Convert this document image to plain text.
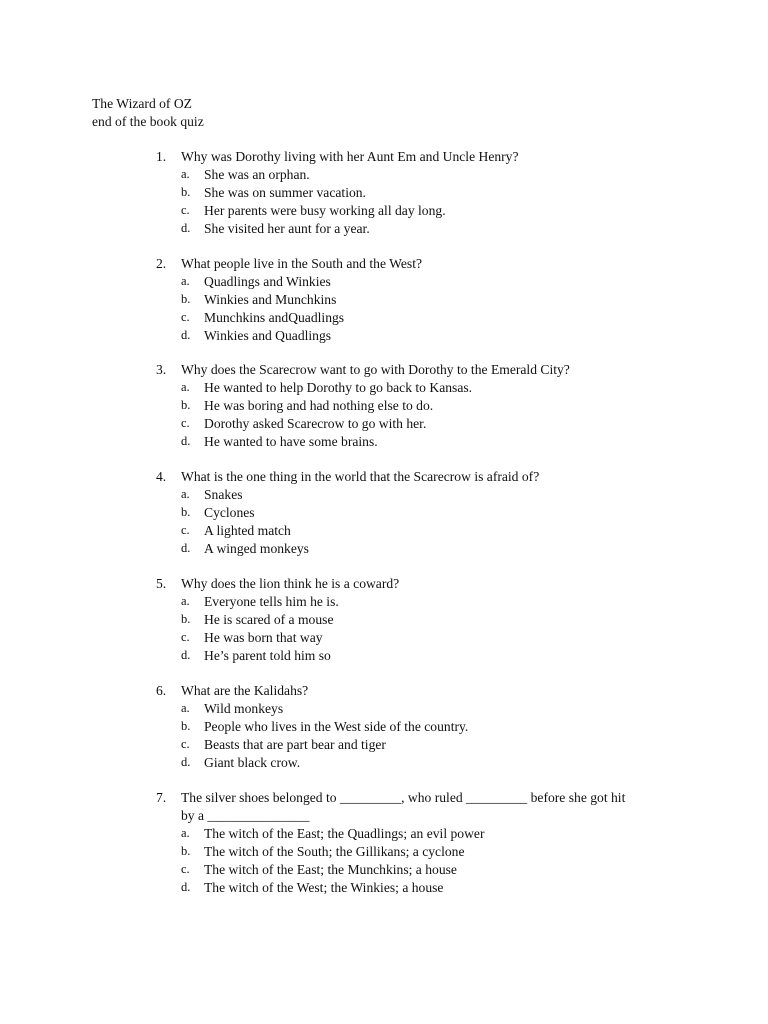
The Wizard of OZ
end of the book quiz
1.	Why was Dorothy living with her Aunt Em and Uncle Henry?
a.	She was an orphan.
b.	She was on summer vacation.
c.	Her parents were busy working all day long.
d.	She visited her aunt for a year.
2.	What people live in the South and the West?
a.	Quadlings and Winkies
b.	Winkies and Munchkins
c.	Munchkins andQuadlings
d.	Winkies and Quadlings
3.	Why does the Scarecrow want to go with Dorothy to the Emerald City?
a.	He wanted to help Dorothy to go back to Kansas.
b.	He was boring and had nothing else to do.
c.	Dorothy asked Scarecrow to go with her.
d.	He wanted to have some brains.
4.	What is the one thing in the world that the Scarecrow is afraid of?
a.	Snakes
b.	Cyclones
c.	A lighted match
d.	A winged monkeys
5.	Why does the lion think he is a coward?
a.	Everyone tells him he is.
b.	He is scared of a mouse
c.	He was born that way
d.	He’s parent told him so
6.	What are the Kalidahs?
a.	Wild monkeys
b.	People who lives in the West side of the country.
c.	Beasts that are part bear and tiger
d.	Giant black crow.
7.	The silver shoes belonged to _________, who ruled _________ before she got hit
by a _______________
a.	The witch of the East; the Quadlings; an evil power
b.	The witch of the South; the Gillikans; a cyclone
c.	The witch of the East; the Munchkins; a house
d.	The witch of the West; the Winkies; a house
